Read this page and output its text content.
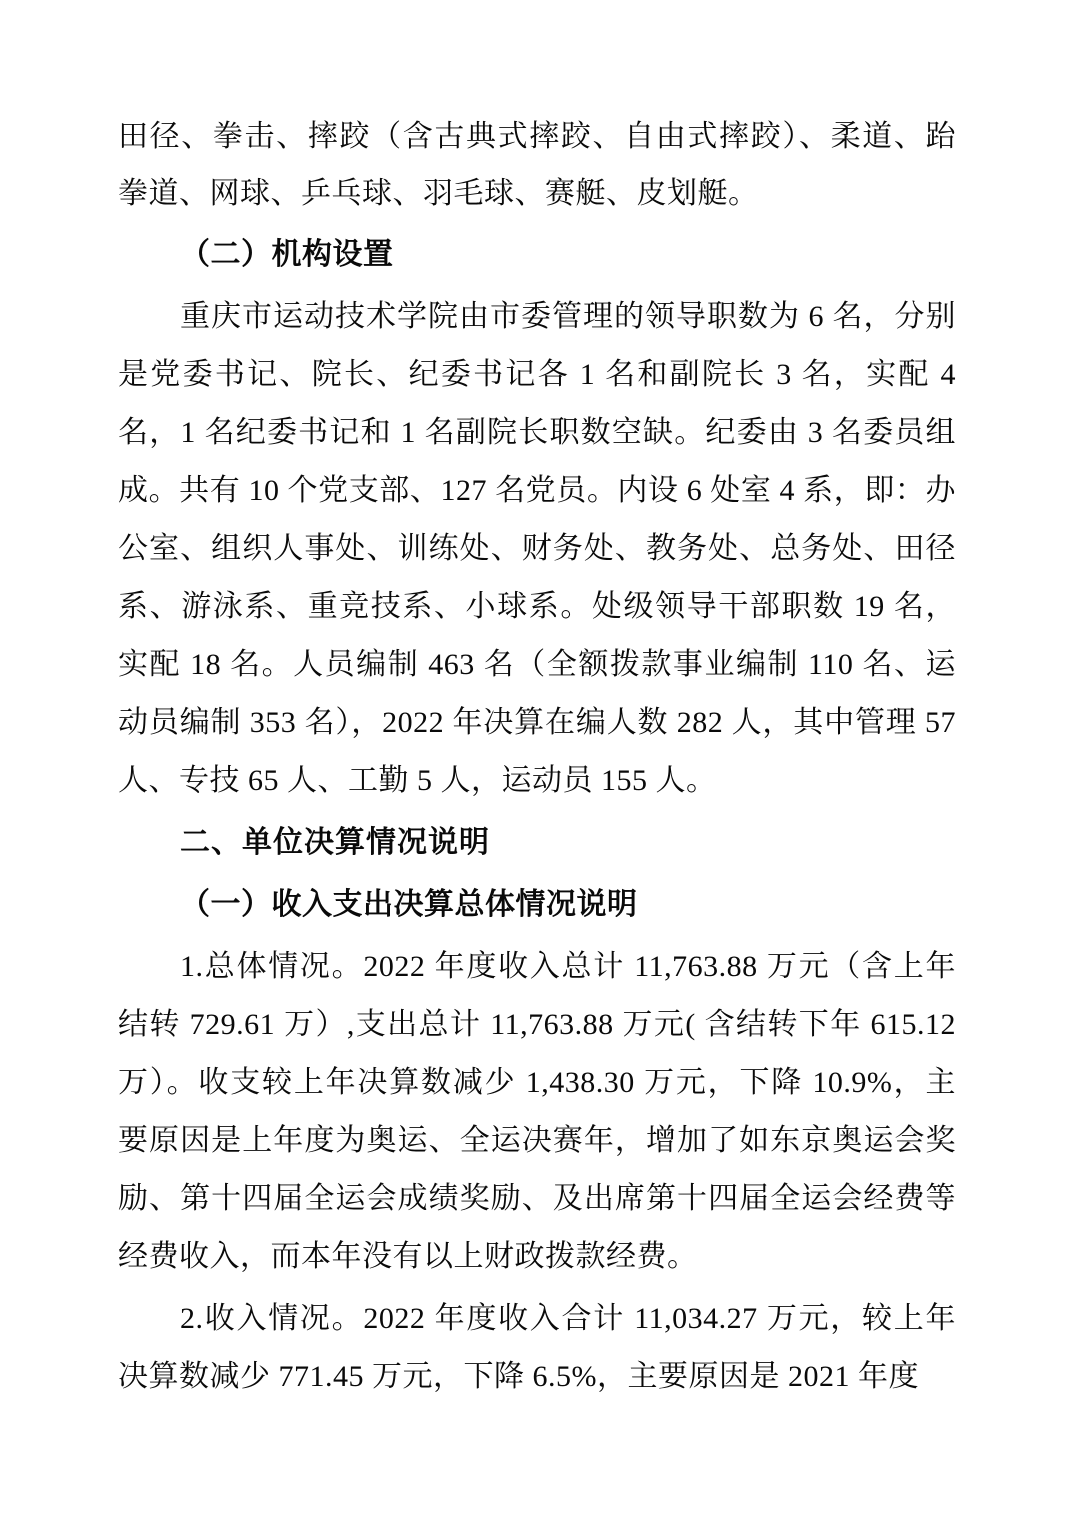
田径、拳击、摔跤（含古典式摔跤、自由式摔跤）、柔道、跆拳道、网球、乒乓球、羽毛球、赛艇、皮划艇。

（二）机构设置

重庆市运动技术学院由市委管理的领导职数为 6 名，分别是党委书记、院长、纪委书记各 1 名和副院长 3 名，实配 4 名，1 名纪委书记和 1 名副院长职数空缺。纪委由 3 名委员组成。共有 10 个党支部、127 名党员。内设 6 处室 4 系，即：办公室、组织人事处、训练处、财务处、教务处、总务处、田径系、游泳系、重竞技系、小球系。处级领导干部职数 19 名，实配 18 名。人员编制 463 名（全额拨款事业编制 110 名、运动员编制 353 名），2022 年决算在编人数 282 人，其中管理 57 人、专技 65 人、工勤 5 人，运动员 155 人。

二、单位决算情况说明

（一）收入支出决算总体情况说明

1.总体情况。2022 年度收入总计 11,763.88 万元（含上年结转 729.61 万）,支出总计 11,763.88 万元( 含结转下年 615.12 万）。收支较上年决算数减少 1,438.30 万元，下降 10.9%，主要原因是上年度为奥运、全运决赛年，增加了如东京奥运会奖励、第十四届全运会成绩奖励、及出席第十四届全运会经费等经费收入，而本年没有以上财政拨款经费。

2.收入情况。2022 年度收入合计 11,034.27 万元，较上年决算数减少 771.45 万元，下降 6.5%，主要原因是 2021 年度
